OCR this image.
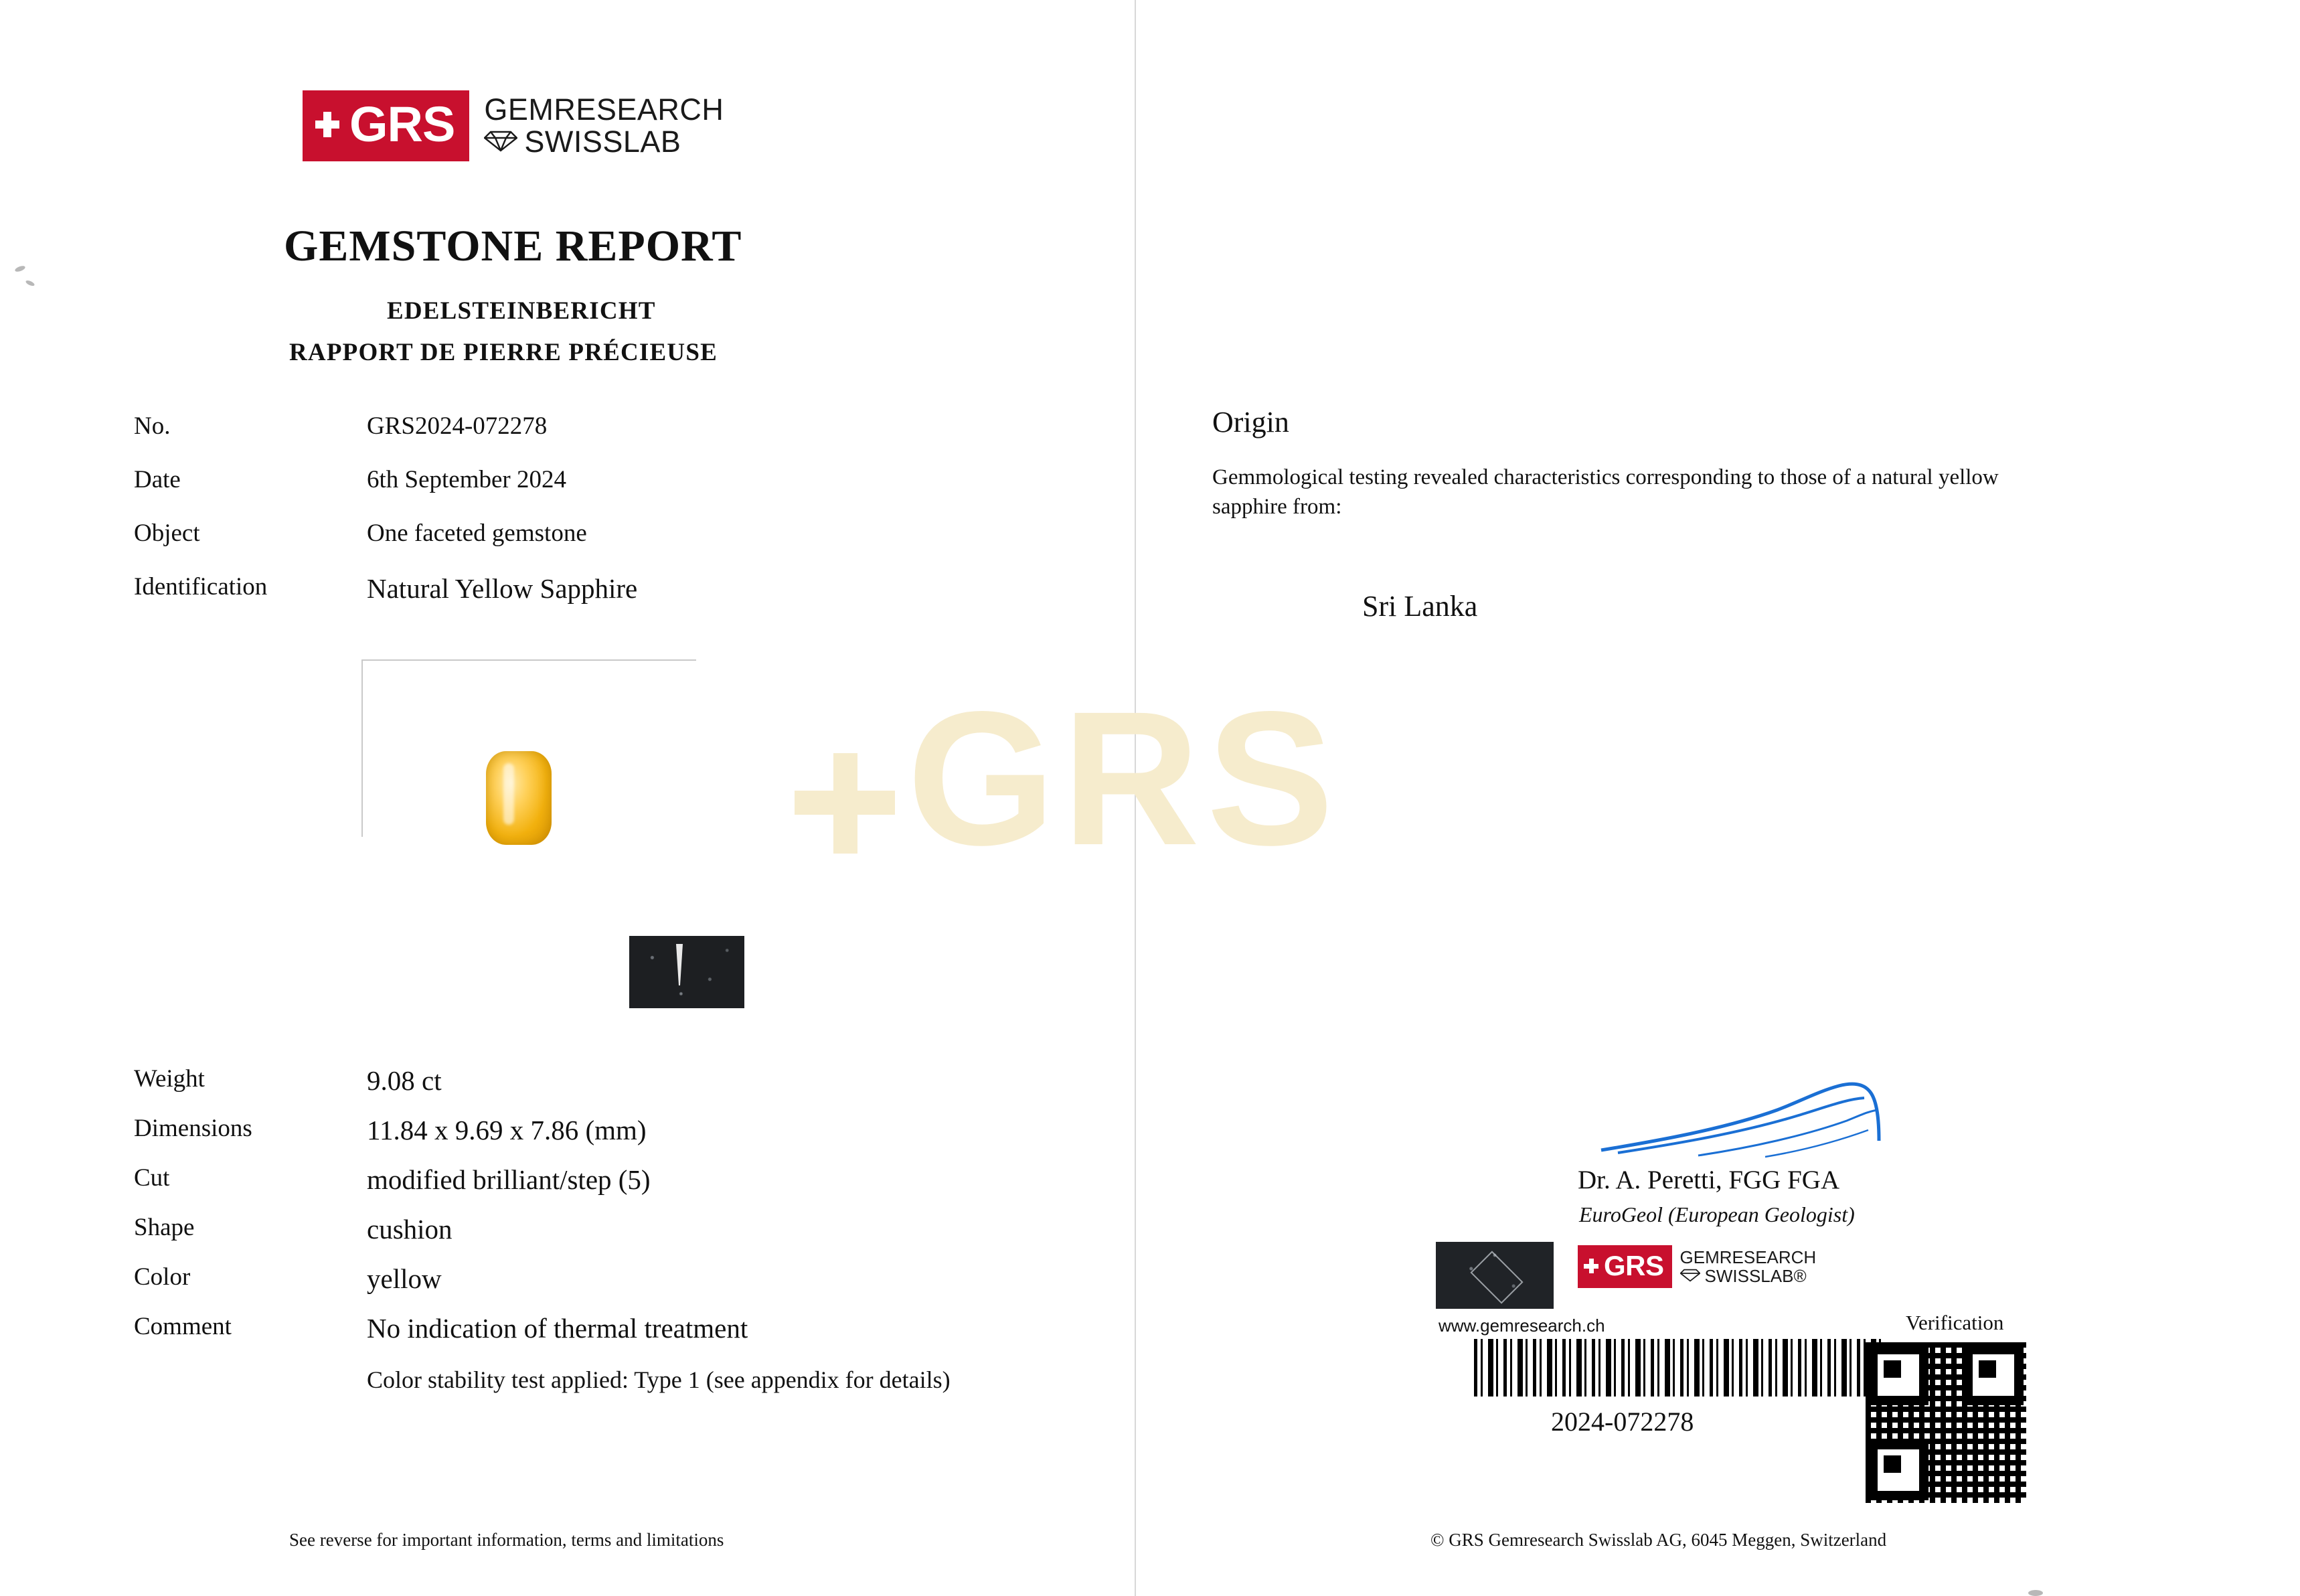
GRS GEMRESEARCH
SWISSLAB
GEMSTONE REPORT
EDELSTEINBERICHT
RAPPORT DE PIERRE PRÉCIEUSE
No.	GRS2024-072278
Date	6th September 2024
Object	One faceted gemstone
Identification	Natural Yellow Sapphire
Weight	9.08 ct
Dimensions	11.84 x 9.69 x 7.86 (mm)
Cut	modified brilliant/step (5)
Shape	cushion
Color	yellow
Comment	No indication of thermal treatment
Color stability test applied: Type 1 (see appendix for details)
See reverse for important information, terms and limitations
GRS
Origin
Gemmological testing revealed characteristics corresponding to those of a natural yellow sapphire from:
Sri Lanka
Dr. A. Peretti, FGG FGA
EuroGeol (European Geologist)
GRS GEMRESEARCH
SWISSLAB®
www.gemresearch.ch	Verification
2024-072278
© GRS Gemresearch Swisslab AG, 6045 Meggen, Switzerland
